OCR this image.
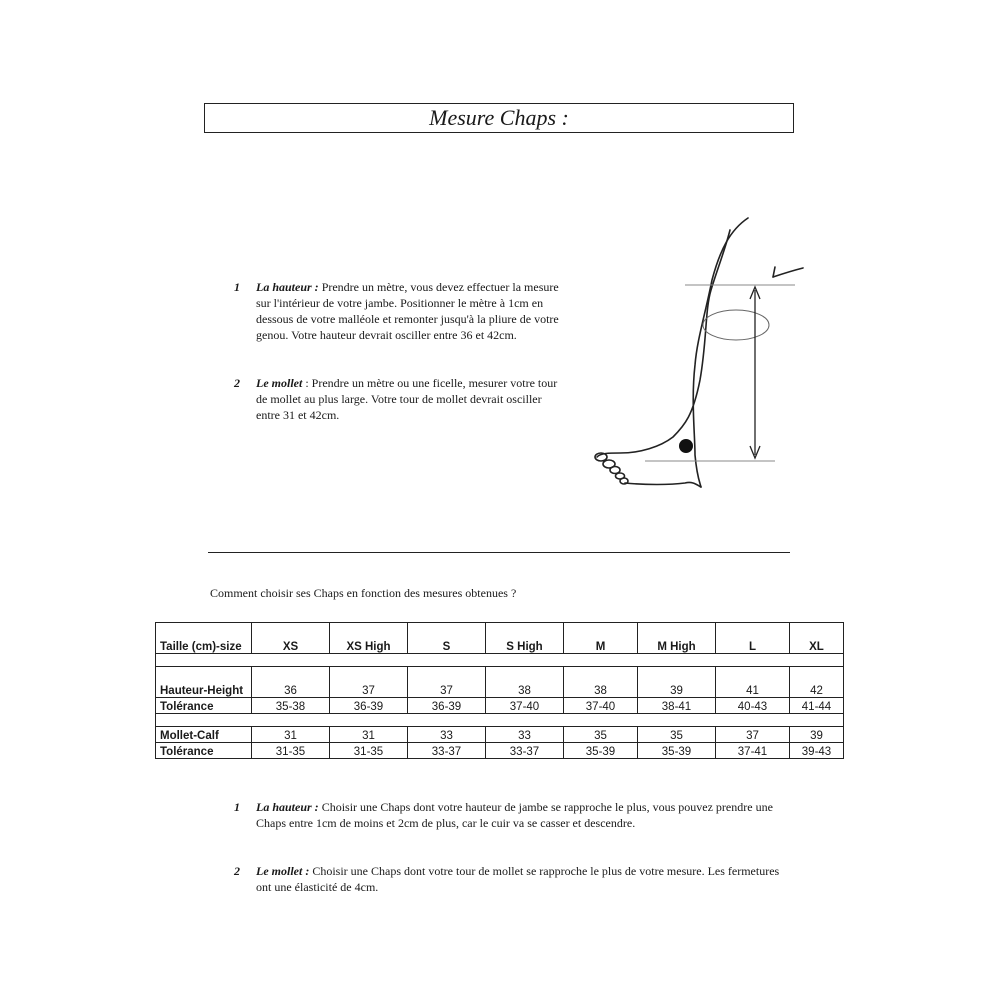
Mesure Chaps :
1 La hauteur : Prendre un mètre, vous devez effectuer la mesure sur l'intérieur de votre jambe. Positionner le mètre à 1cm en dessous de votre malléole et remonter jusqu'à la pliure de votre genou. Votre hauteur devrait osciller entre 36 et 42cm.
2 Le mollet : Prendre un mètre ou une ficelle, mesurer votre tour de mollet au plus large. Votre tour de mollet devrait osciller entre 31 et 42cm.
Comment choisir ses Chaps en fonction des mesures obtenues ?
Taille (cm)-size	XS	XS High	S	S High	M	M High	L	XL

Hauteur-Height	36	37	37	38	38	39	41	42
Tolérance	35-38	36-39	36-39	37-40	37-40	38-41	40-43	41-44

Mollet-Calf	31	31	33	33	35	35	37	39
Tolérance	31-35	31-35	33-37	33-37	35-39	35-39	37-41	39-43
1 La hauteur : Choisir une Chaps dont votre hauteur de jambe se rapproche le plus, vous pouvez prendre une Chaps entre 1cm de moins et 2cm de plus, car le cuir va se casser et descendre.
2 Le mollet : Choisir une Chaps dont votre tour de mollet se rapproche le plus de votre mesure. Les fermetures ont une élasticité de 4cm.
